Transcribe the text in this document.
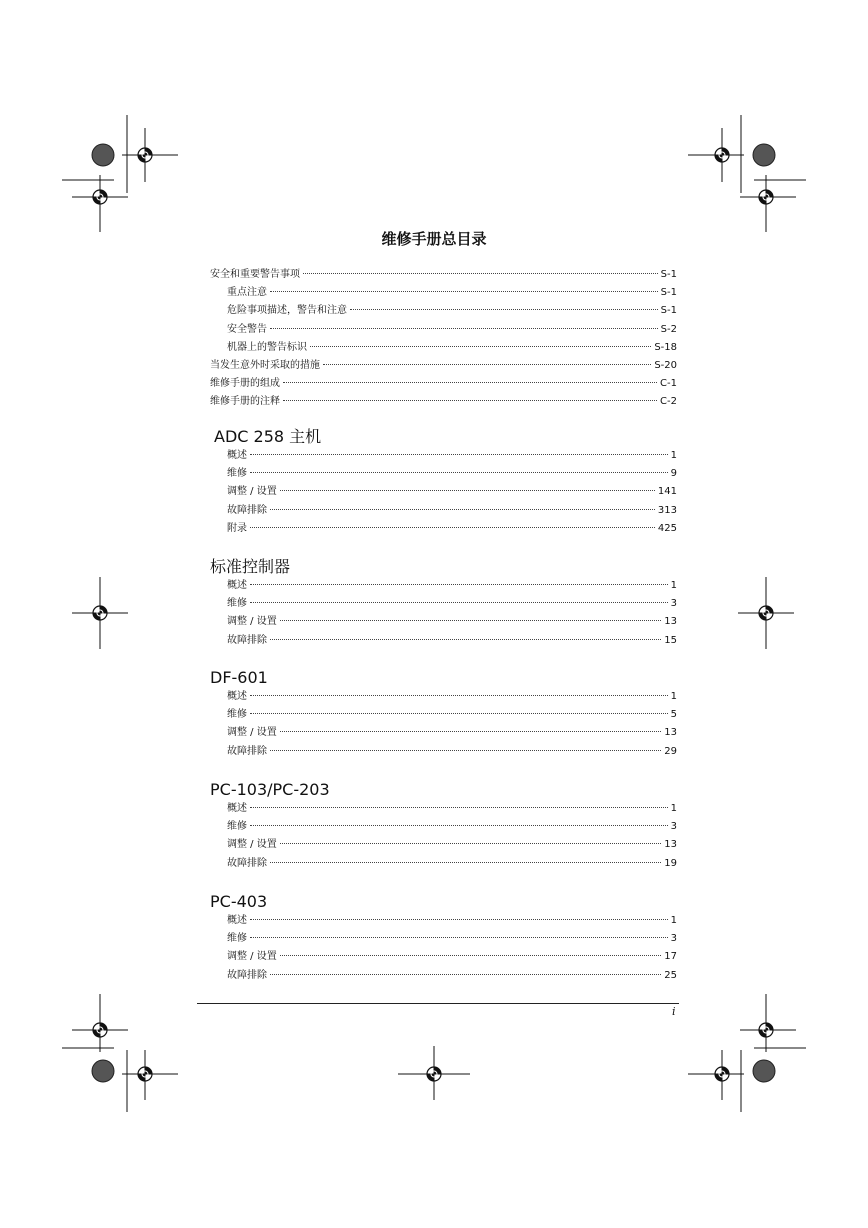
维修手册总目录
安全和重要警告事项	S-1
重点注意	S-1
危险事项描述，警告和注意	S-1
安全警告	S-2
机器上的警告标识	S-18
当发生意外时采取的措施	S-20
维修手册的组成	C-1
维修手册的注释	C-2
ADC 258 主机
概述	1
维修	9
调整 / 设置	141
故障排除	313
附录	425
标准控制器
概述	1
维修	3
调整 / 设置	13
故障排除	15
DF-601
概述	1
维修	5
调整 / 设置	13
故障排除	29
PC-103/PC-203
概述	1
维修	3
调整 / 设置	13
故障排除	19
PC-403
概述	1
维修	3
调整 / 设置	17
故障排除	25
i
